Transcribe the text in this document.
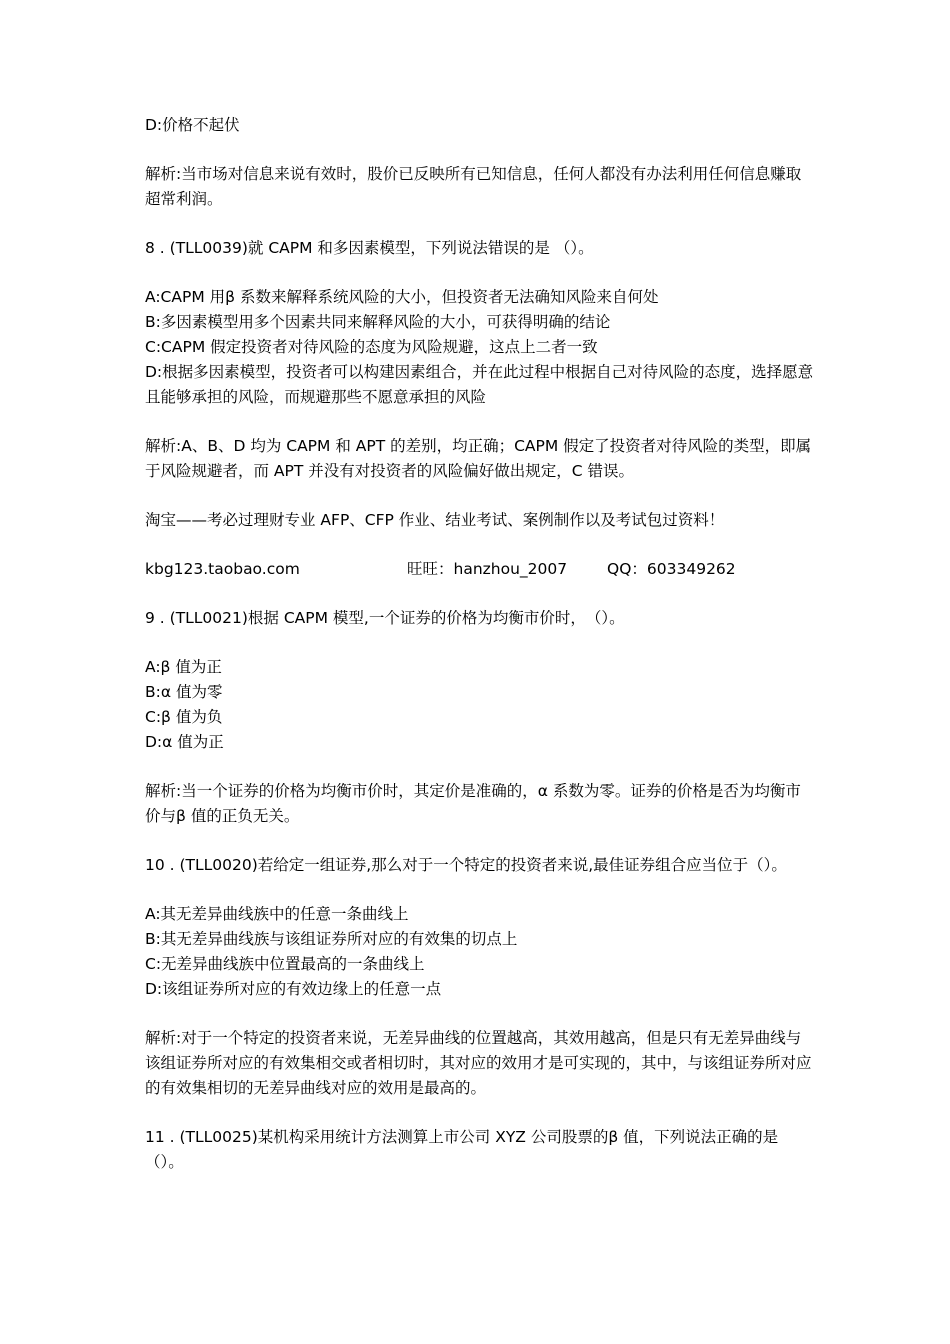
D:价格不起伏
解析:当市场对信息来说有效时，股价已反映所有已知信息，任何人都没有办法利用任何信息赚取超常利润。
8 . (TLL0039)就 CAPM 和多因素模型，下列说法错误的是 （）。
A:CAPM 用β 系数来解释系统风险的大小，但投资者无法确知风险来自何处
B:多因素模型用多个因素共同来解释风险的大小，可获得明确的结论
C:CAPM 假定投资者对待风险的态度为风险规避，这点上二者一致
D:根据多因素模型，投资者可以构建因素组合，并在此过程中根据自己对待风险的态度，选择愿意且能够承担的风险，而规避那些不愿意承担的风险
解析:A、B、D 均为 CAPM 和 APT 的差别，均正确；CAPM 假定了投资者对待风险的类型，即属于风险规避者，而 APT 并没有对投资者的风险偏好做出规定，C 错误。
淘宝——考必过理财专业 AFP、CFP 作业、结业考试、案例制作以及考试包过资料！
kbg123.taobao.com	旺旺：hanzhou_2007	QQ：603349262
9 . (TLL0021)根据 CAPM 模型,一个证券的价格为均衡市价时，　（）。
A:β 值为正
B:α 值为零
C:β 值为负
D:α 值为正
解析:当一个证券的价格为均衡市价时，其定价是准确的，α 系数为零。证券的价格是否为均衡市价与β 值的正负无关。
10 . (TLL0020)若给定一组证券,那么对于一个特定的投资者来说,最佳证券组合应当位于（）。
A:其无差异曲线族中的任意一条曲线上
B:其无差异曲线族与该组证券所对应的有效集的切点上
C:无差异曲线族中位置最高的一条曲线上
D:该组证券所对应的有效边缘上的任意一点
解析:对于一个特定的投资者来说，无差异曲线的位置越高，其效用越高，但是只有无差异曲线与该组证券所对应的有效集相交或者相切时，其对应的效用才是可实现的，其中，与该组证券所对应的有效集相切的无差异曲线对应的效用是最高的。
11 . (TLL0025)某机构采用统计方法测算上市公司 XYZ 公司股票的β 值，下列说法正确的是（）。
